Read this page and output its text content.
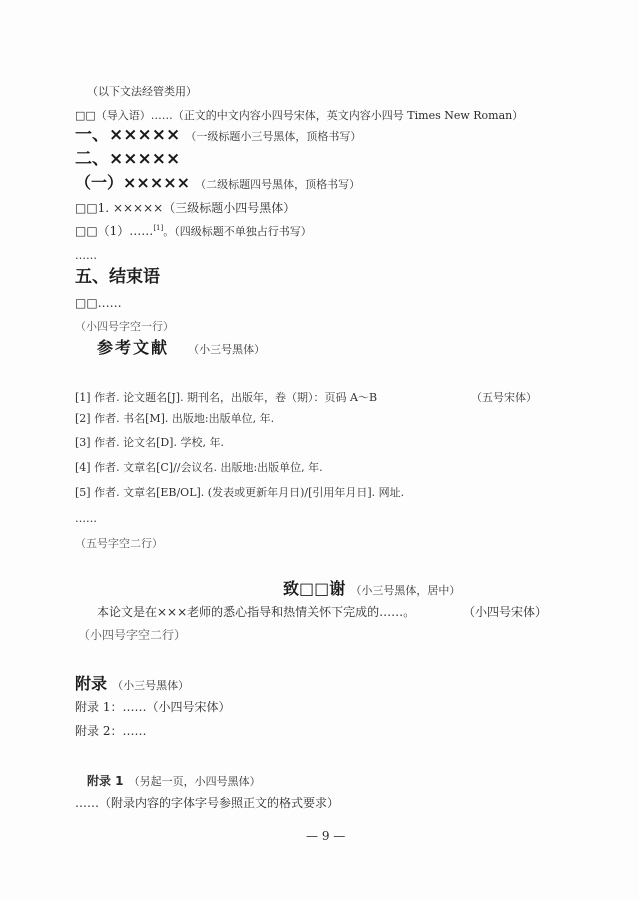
（以下文法经管类用）
□□（导入语）……（正文的中文内容小四号宋体，英文内容小四号 Times New Roman）
一、××××× （一级标题小三号黑体，顶格书写）
二、×××××
（一）××××× （二级标题四号黑体，顶格书写）
□□1. ×××××（三级标题小四号黑体）
□□（1）……[1]。（四级标题不单独占行书写）
……
五、结束语
□□……
（小四号字空一行）
参考文献 （小三号黑体）
[1] 作者. 论文题名[J]. 期刊名，出版年，卷（期）：页码 A～B	（五号宋体）
[2] 作者. 书名[M]. 出版地:出版单位, 年.
[3] 作者. 论文名[D]. 学校, 年.
[4] 作者. 文章名[C]//会议名. 出版地:出版单位, 年.
[5] 作者. 文章名[EB/OL]. (发表或更新年月日)/[引用年月日]. 网址.
……
（五号字空二行）
致□□谢 （小三号黑体，居中）
本论文是在×××老师的悉心指导和热情关怀下完成的……。	（小四号宋体）
（小四号字空二行）
附录 （小三号黑体）
附录 1：……（小四号宋体）
附录 2：……
附录 1 （另起一页，小四号黑体）
……（附录内容的字体字号参照正文的格式要求）
— 9 —
